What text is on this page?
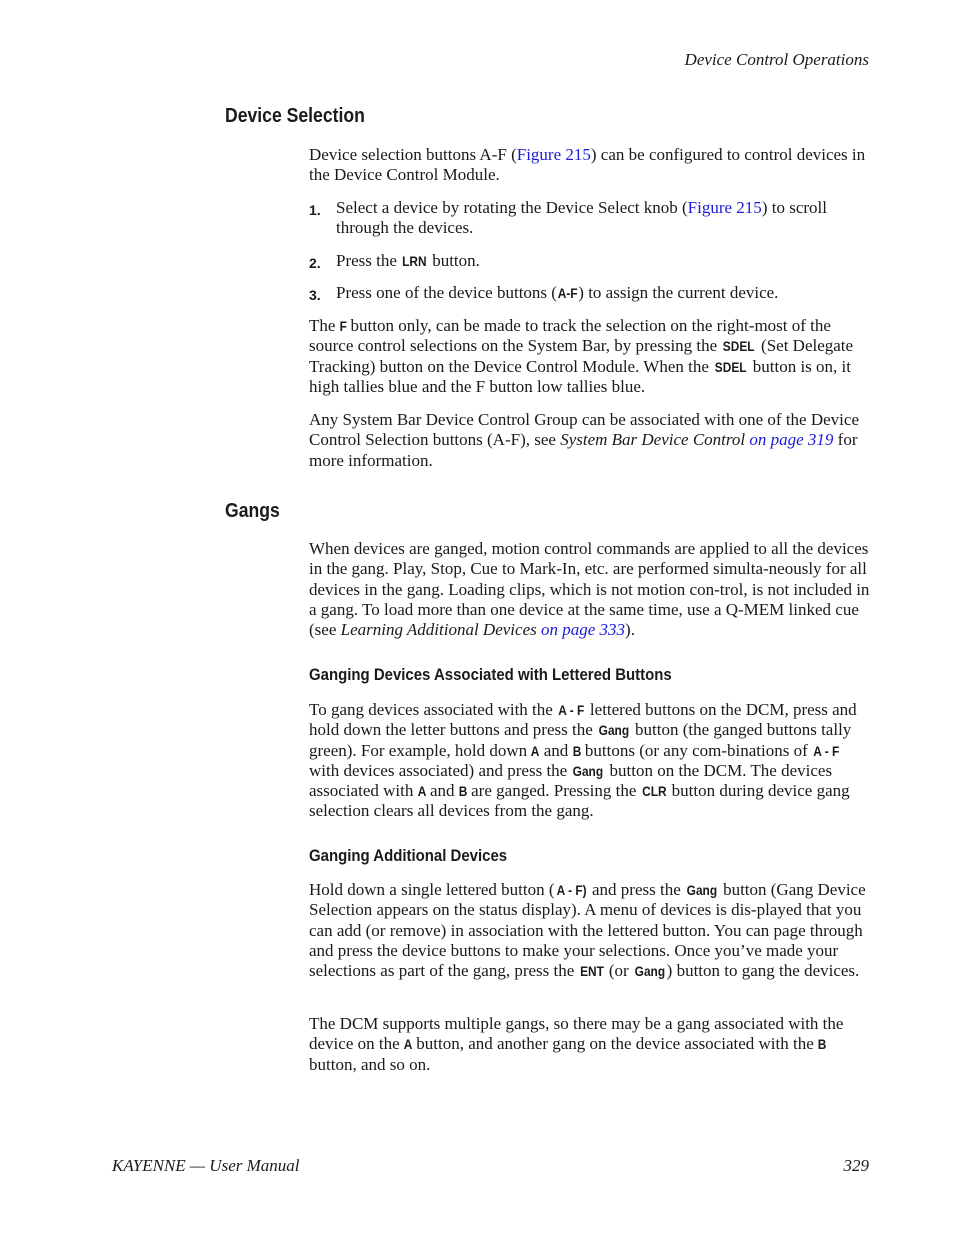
Device Control Operations
Device Selection

Device selection buttons A-F (Figure 215) can be configured to control devices in the Device Control Module.

1. Select a device by rotating the Device Select knob (Figure 215) to scroll through the devices.
2. Press the LRN button.
3. Press one of the device buttons (A-F) to assign the current device.

The F button only, can be made to track the selection on the right-most of the source control selections on the System Bar, by pressing the SDEL (Set Delegate Tracking) button on the Device Control Module. When the SDEL button is on, it high tallies blue and the F button low tallies blue.

Any System Bar Device Control Group can be associated with one of the Device Control Selection buttons (A-F), see System Bar Device Control on page 319 for more information.

Gangs

When devices are ganged, motion control commands are applied to all the devices in the gang. Play, Stop, Cue to Mark-In, etc. are performed simulta-neously for all devices in the gang. Loading clips, which is not motion con-trol, is not included in a gang. To load more than one device at the same time, use a Q-MEM linked cue (see Learning Additional Devices on page 333).

Ganging Devices Associated with Lettered Buttons

To gang devices associated with the A - F lettered buttons on the DCM, press and hold down the letter buttons and press the Gang button (the ganged buttons tally green). For example, hold down A and B buttons (or any com-binations of A - F with devices associated) and press the Gang button on the DCM. The devices associated with A and B are ganged. Pressing the CLR button during device gang selection clears all devices from the gang.

Ganging Additional Devices

Hold down a single lettered button ( A - F) and press the Gang button (Gang Device Selection appears on the status display). A menu of devices is dis-played that you can add (or remove) in association with the lettered button. You can page through and press the device buttons to make your selections. Once you’ve made your selections as part of the gang, press the ENT (or Gang) button to gang the devices.

The DCM supports multiple gangs, so there may be a gang associated with the device on the A button, and another gang on the device associated with the B button, and so on.

KAYENNE — User Manual	329
